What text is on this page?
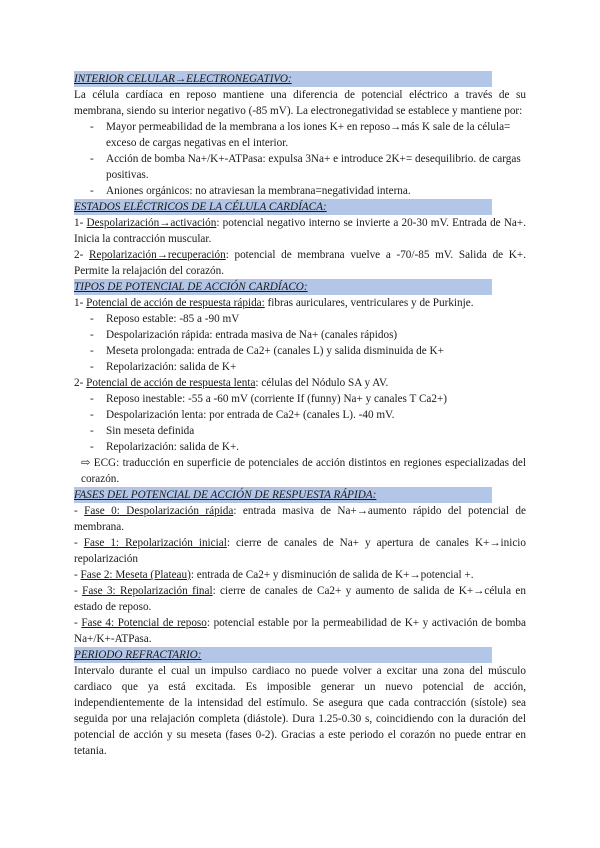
INTERIOR CELULAR→ELECTRONEGATIVO:
La célula cardíaca en reposo mantiene una diferencia de potencial eléctrico a través de su membrana, siendo su interior negativo (-85 mV). La electronegatividad se establece y mantiene por:
- Mayor permeabilidad de la membrana a los iones K+ en reposo→más K sale de la célula= exceso de cargas negativas en el interior.
- Acción de bomba Na+/K+-ATPasa: expulsa 3Na+ e introduce 2K+= desequilibrio. de cargas positivas.
- Aniones orgánicos: no atraviesan la membrana=negatividad interna.
ESTADOS ELÉCTRICOS DE LA CÉLULA CARDÍACA:
1- Despolarización→activación: potencial negativo interno se invierte a 20-30 mV. Entrada de Na+. Inicia la contracción muscular.
2- Repolarización→recuperación: potencial de membrana vuelve a -70/-85 mV. Salida de K+. Permite la relajación del corazón.
TIPOS DE POTENCIAL DE ACCIÓN CARDÍACO:
1- Potencial de acción de respuesta rápida: fibras auriculares, ventriculares y de Purkinje.
- Reposo estable: -85 a -90 mV
- Despolarización rápida: entrada masiva de Na+ (canales rápidos)
- Meseta prolongada: entrada de Ca2+ (canales L) y salida disminuida de K+
- Repolarización: salida de K+
2- Potencial de acción de respuesta lenta: células del Nódulo SA y AV.
- Reposo inestable: -55 a -60 mV (corriente If (funny) Na+ y canales T Ca2+)
- Despolarización lenta: por entrada de Ca2+ (canales L). -40 mV.
- Sin meseta definida
- Repolarización: salida de K+.
⇨ ECG: traducción en superficie de potenciales de acción distintos en regiones especializadas del corazón.
FASES DEL POTENCIAL DE ACCIÓN DE RESPUESTA RÁPIDA:
- Fase 0: Despolarización rápida: entrada masiva de Na+→aumento rápido del potencial de membrana.
- Fase 1: Repolarización inicial: cierre de canales de Na+ y apertura de canales K+→inicio repolarización
- Fase 2: Meseta (Plateau): entrada de Ca2+ y disminución de salida de K+→potencial +.
- Fase 3: Repolarización final: cierre de canales de Ca2+ y aumento de salida de K+→célula en estado de reposo.
- Fase 4: Potencial de reposo: potencial estable por la permeabilidad de K+ y activación de bomba Na+/K+-ATPasa.
PERIODO REFRACTARIO:
Intervalo durante el cual un impulso cardiaco no puede volver a excitar una zona del músculo cardiaco que ya está excitada. Es imposible generar un nuevo potencial de acción, independientemente de la intensidad del estímulo. Se asegura que cada contracción (sístole) sea seguida por una relajación completa (diástole). Dura 1.25-0.30 s, coincidiendo con la duración del potencial de acción y su meseta (fases 0-2). Gracias a este periodo el corazón no puede entrar en tetania.
